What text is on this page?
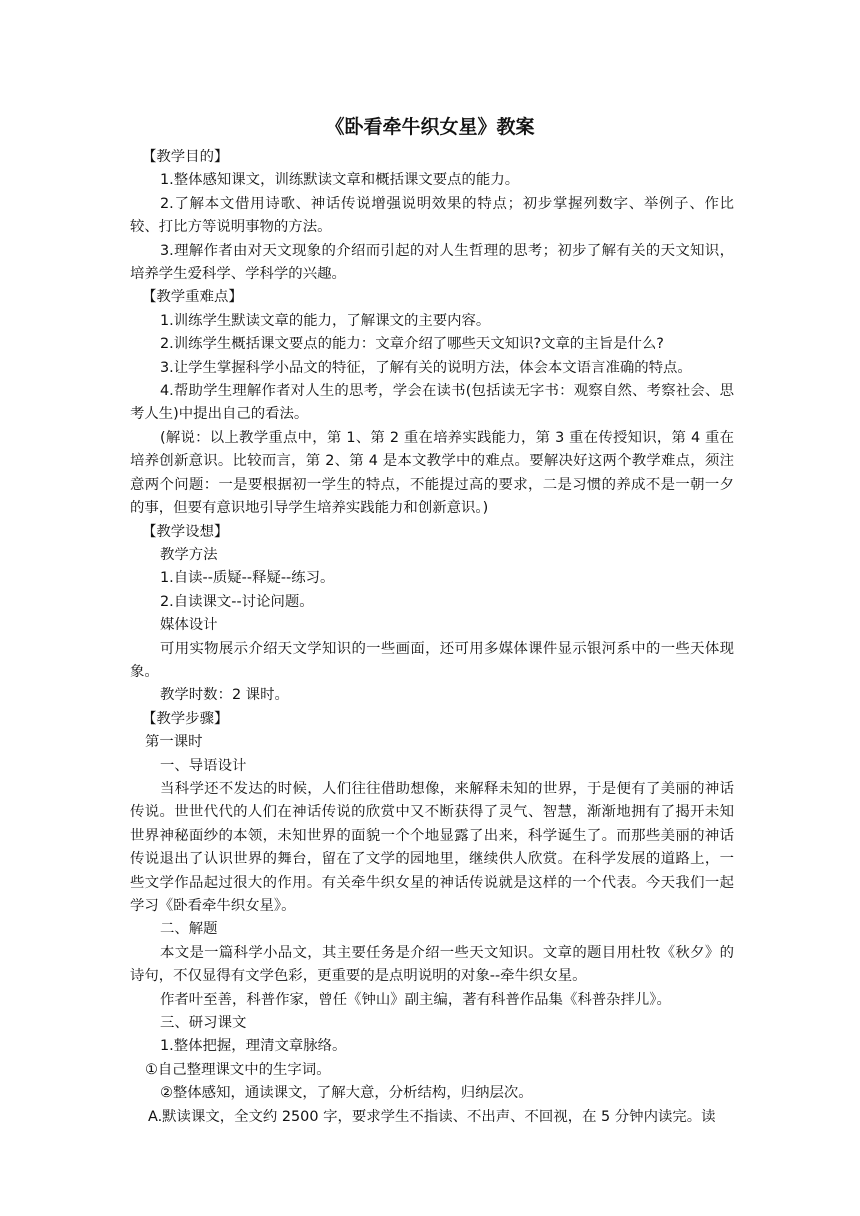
《卧看牵牛织女星》教案

【教学目的】

1.整体感知课文，训练默读文章和概括课文要点的能力。

2.了解本文借用诗歌、神话传说增强说明效果的特点；初步掌握列数字、举例子、作比较、打比方等说明事物的方法。

3.理解作者由对天文现象的介绍而引起的对人生哲理的思考；初步了解有关的天文知识，培养学生爱科学、学科学的兴趣。

【教学重难点】

1.训练学生默读文章的能力，了解课文的主要内容。

2.训练学生概括课文要点的能力：文章介绍了哪些天文知识?文章的主旨是什么?

3.让学生掌握科学小品文的特征，了解有关的说明方法，体会本文语言准确的特点。

4.帮助学生理解作者对人生的思考，学会在读书(包括读无字书：观察自然、考察社会、思考人生)中提出自己的看法。

(解说：以上教学重点中，第 1、第 2 重在培养实践能力，第 3 重在传授知识，第 4 重在培养创新意识。比较而言，第 2、第 4 是本文教学中的难点。要解决好这两个教学难点，须注意两个问题：一是要根据初一学生的特点，不能提过高的要求，二是习惯的养成不是一朝一夕的事，但要有意识地引导学生培养实践能力和创新意识。)

【教学设想】

教学方法

1.自读--质疑--释疑--练习。

2.自读课文--讨论问题。

媒体设计

可用实物展示介绍天文学知识的一些画面，还可用多媒体课件显示银河系中的一些天体现象。

教学时数：2 课时。

【教学步骤】

第一课时

一、导语设计

当科学还不发达的时候，人们往往借助想像，来解释未知的世界，于是便有了美丽的神话传说。世世代代的人们在神话传说的欣赏中又不断获得了灵气、智慧，渐渐地拥有了揭开未知世界神秘面纱的本领，未知世界的面貌一个个地显露了出来，科学诞生了。而那些美丽的神话传说退出了认识世界的舞台，留在了文学的园地里，继续供人欣赏。在科学发展的道路上，一些文学作品起过很大的作用。有关牵牛织女星的神话传说就是这样的一个代表。今天我们一起学习《卧看牵牛织女星》。

二、解题

本文是一篇科学小品文，其主要任务是介绍一些天文知识。文章的题目用杜牧《秋夕》的诗句，不仅显得有文学色彩，更重要的是点明说明的对象--牵牛织女星。

作者叶至善，科普作家，曾任《钟山》副主编，著有科普作品集《科普杂拌儿》。

三、研习课文

1.整体把握，理清文章脉络。

①自己整理课文中的生字词。

②整体感知，通读课文，了解大意，分析结构，归纳层次。

A.默读课文，全文约 2500 字，要求学生不指读、不出声、不回视，在 5 分钟内读完。读
